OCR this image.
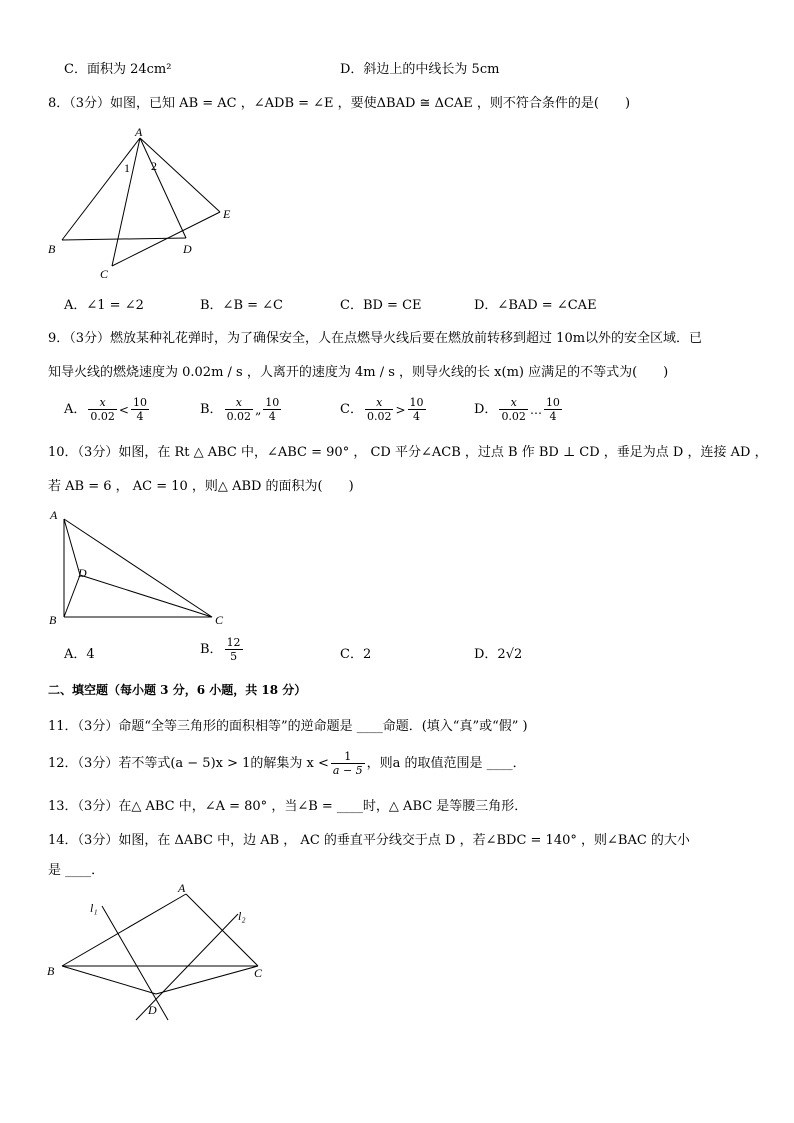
C．面积为 24cm²	D．斜边上的中线长为 5cm
8．（3分）如图，已知 AB = AC ，∠ADB = ∠E ，要使ΔBAD ≅ ΔCAE ，则不符合条件的是(　　)
A
B
C
D
E
1 2
A．∠1 = ∠2	B．∠B = ∠C	C．BD = CE	D．∠BAD = ∠CAE
9．（3分）燃放某种礼花弹时，为了确保安全，人在点燃导火线后要在燃放前转移到超过 10m以外的安全区域．已
知导火线的燃烧速度为 0.02m / s ，人离开的速度为 4m / s ，则导火线的长 x(m) 应满足的不等式为(　　)
A． $\frac{x}{0.02} < \frac{10}{4}$	B． $\frac{x}{0.02}$ „ $\frac{10}{4}$	C． $\frac{x}{0.02} > \frac{10}{4}$	D． $\frac{x}{0.02}$ … $\frac{10}{4}$
10．（3分）如图，在 Rt △ ABC 中，∠ABC = 90° ， CD 平分∠ACB ，过点 B 作 BD ⊥ CD ，垂足为点 D ，连接 AD ，
若 AB = 6 ， AC = 10 ，则△ ABD 的面积为(　　)
A
B	C
D
A．4	B． $\frac{12}{5}$	C．2	D．2√2
二、填空题（每小题 3 分，6 小题，共 18 分）
11．（3分）命题“全等三角形的面积相等”的逆命题是 ____命题．(填入“真”或“假” )
12．（3分）若不等式(a − 5)x > 1的解集为 $x < \frac{1}{a - 5}$ ，则a 的取值范围是 ____．
13．（3分）在△ ABC 中，∠A = 80° ，当∠B = ____时，△ ABC 是等腰三角形．
14．（3分）如图，在 ΔABC 中，边 AB ， AC 的垂直平分线交于点 D ，若∠BDC = 140° ，则∠BAC 的大小
是 ____．
A
B	C
D
l₁
l₂
